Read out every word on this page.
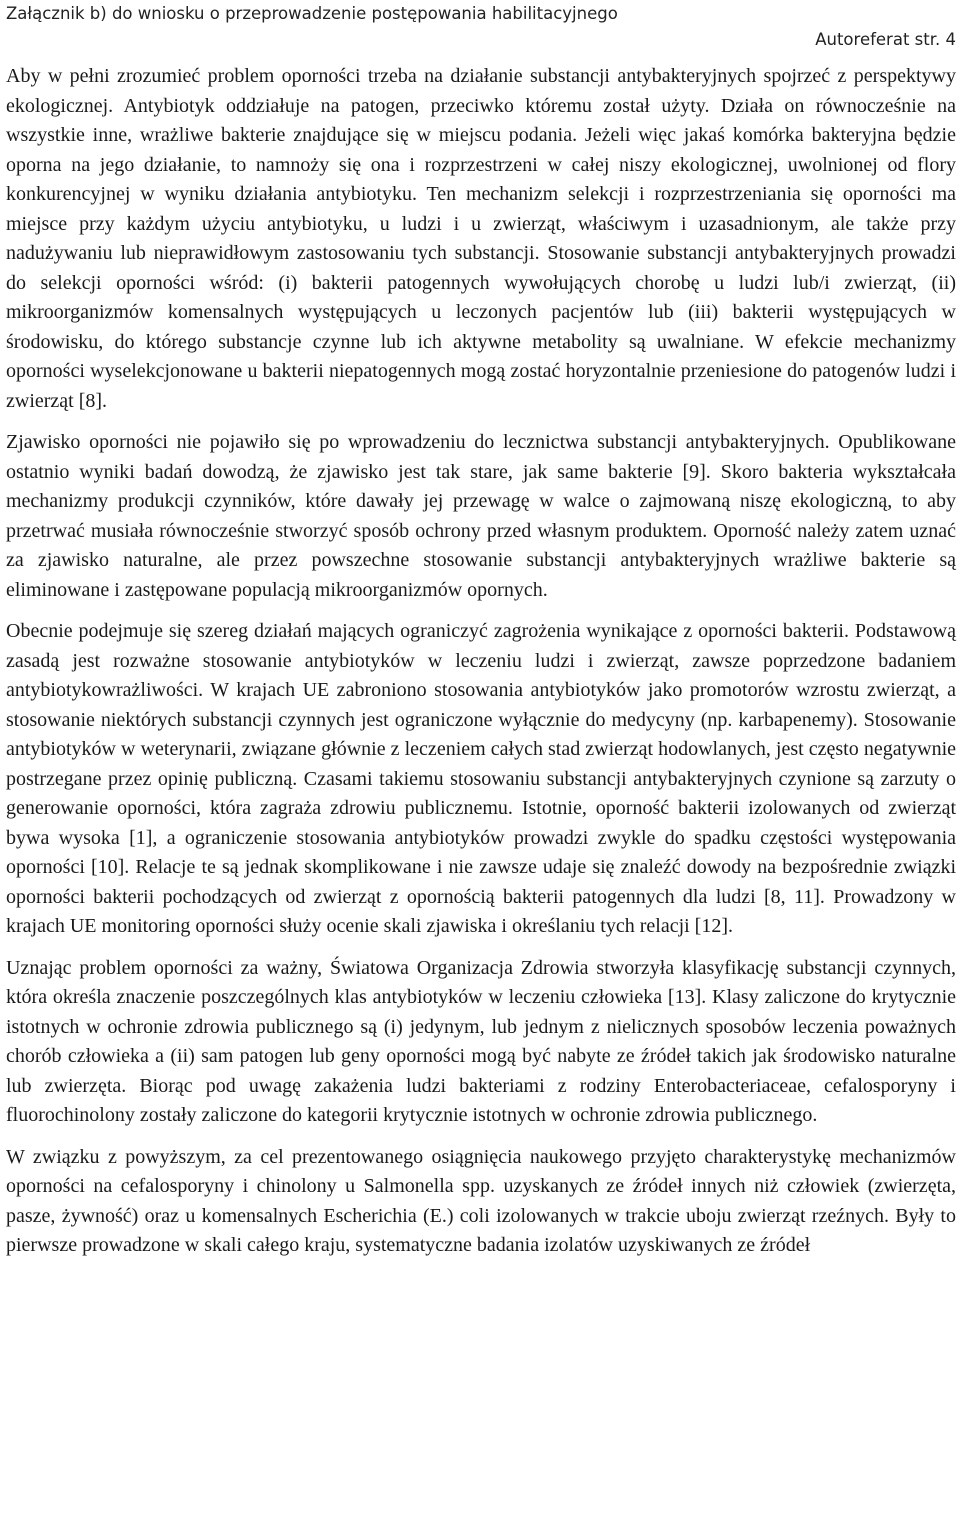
Załącznik b) do wniosku o przeprowadzenie postępowania habilitacyjnego
Autoreferat str. 4

Aby w pełni zrozumieć problem oporności trzeba na działanie substancji antybakteryjnych spojrzeć z perspektywy ekologicznej. Antybiotyk oddziałuje na patogen, przeciwko któremu został użyty. Działa on równocześnie na wszystkie inne, wrażliwe bakterie znajdujące się w miejscu podania. Jeżeli więc jakaś komórka bakteryjna będzie oporna na jego działanie, to namnoży się ona i rozprzestrzeni w całej niszy ekologicznej, uwolnionej od flory konkurencyjnej w wyniku działania antybiotyku. Ten mechanizm selekcji i rozprzestrzeniania się oporności ma miejsce przy każdym użyciu antybiotyku, u ludzi i u zwierząt, właściwym i uzasadnionym, ale także przy nadużywaniu lub nieprawidłowym zastosowaniu tych substancji. Stosowanie substancji antybakteryjnych prowadzi do selekcji oporności wśród: (i) bakterii patogennych wywołujących chorobę u ludzi lub/i zwierząt, (ii) mikroorganizmów komensalnych występujących u leczonych pacjentów lub (iii) bakterii występujących w środowisku, do którego substancje czynne lub ich aktywne metabolity są uwalniane. W efekcie mechanizmy oporności wyselekcjonowane u bakterii niepatogennych mogą zostać horyzontalnie przeniesione do patogenów ludzi i zwierząt [8].

Zjawisko oporności nie pojawiło się po wprowadzeniu do lecznictwa substancji antybakteryjnych. Opublikowane ostatnio wyniki badań dowodzą, że zjawisko jest tak stare, jak same bakterie [9]. Skoro bakteria wykształcała mechanizmy produkcji czynników, które dawały jej przewagę w walce o zajmowaną niszę ekologiczną, to aby przetrwać musiała równocześnie stworzyć sposób ochrony przed własnym produktem. Oporność należy zatem uznać za zjawisko naturalne, ale przez powszechne stosowanie substancji antybakteryjnych wrażliwe bakterie są eliminowane i zastępowane populacją mikroorganizmów opornych.

Obecnie podejmuje się szereg działań mających ograniczyć zagrożenia wynikające z oporności bakterii. Podstawową zasadą jest rozważne stosowanie antybiotyków w leczeniu ludzi i zwierząt, zawsze poprzedzone badaniem antybiotykowrażliwości. W krajach UE zabroniono stosowania antybiotyków jako promotorów wzrostu zwierząt, a stosowanie niektórych substancji czynnych jest ograniczone wyłącznie do medycyny (np. karbapenemy). Stosowanie antybiotyków w weterynarii, związane głównie z leczeniem całych stad zwierząt hodowlanych, jest często negatywnie postrzegane przez opinię publiczną. Czasami takiemu stosowaniu substancji antybakteryjnych czynione są zarzuty o generowanie oporności, która zagraża zdrowiu publicznemu. Istotnie, oporność bakterii izolowanych od zwierząt bywa wysoka [1], a ograniczenie stosowania antybiotyków prowadzi zwykle do spadku częstości występowania oporności [10]. Relacje te są jednak skomplikowane i nie zawsze udaje się znaleźć dowody na bezpośrednie związki oporności bakterii pochodzących od zwierząt z opornością bakterii patogennych dla ludzi [8, 11]. Prowadzony w krajach UE monitoring oporności służy ocenie skali zjawiska i określaniu tych relacji [12].

Uznając problem oporności za ważny, Światowa Organizacja Zdrowia stworzyła klasyfikację substancji czynnych, która określa znaczenie poszczególnych klas antybiotyków w leczeniu człowieka [13]. Klasy zaliczone do krytycznie istotnych w ochronie zdrowia publicznego są (i) jedynym, lub jednym z nielicznych sposobów leczenia poważnych chorób człowieka a (ii) sam patogen lub geny oporności mogą być nabyte ze źródeł takich jak środowisko naturalne lub zwierzęta. Biorąc pod uwagę zakażenia ludzi bakteriami z rodziny Enterobacteriaceae, cefalosporyny i fluorochinolony zostały zaliczone do kategorii krytycznie istotnych w ochronie zdrowia publicznego.

W związku z powyższym, za cel prezentowanego osiągnięcia naukowego przyjęto charakterystykę mechanizmów oporności na cefalosporyny i chinolony u Salmonella spp. uzyskanych ze źródeł innych niż człowiek (zwierzęta, pasze, żywność) oraz u komensalnych Escherichia (E.) coli izolowanych w trakcie uboju zwierząt rzeźnych. Były to pierwsze prowadzone w skali całego kraju, systematyczne badania izolatów uzyskiwanych ze źródeł
